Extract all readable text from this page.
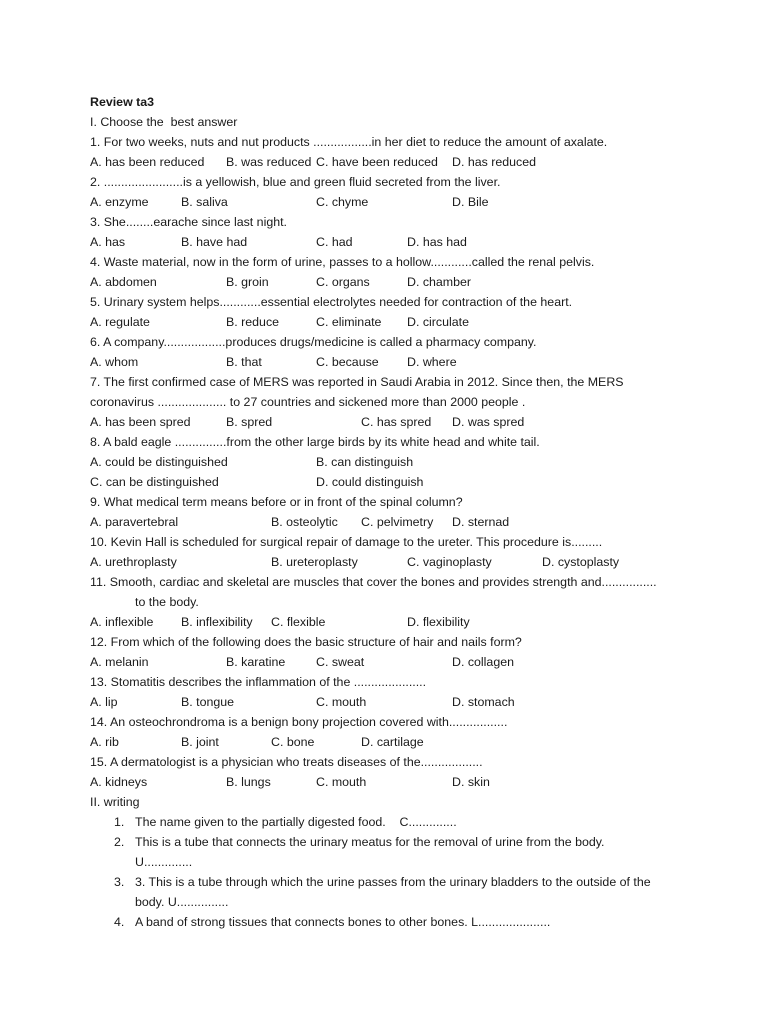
Review ta3
I. Choose the  best answer
1. For two weeks, nuts and nut products .................in her diet to reduce the amount of axalate.

A. has been reduced

B. was reduced

C. have been reduced

D. has reduced

2. .......................is a yellowish, blue and green fluid secreted from the liver.

A. enzyme

	B. saliva

	C. chyme

	D. Bile

3. She........earache since last night.

A. has

	B. have had

	C. had

	D. has had

4. Waste material, now in the form of urine, passes to a hollow............called the renal pelvis.

A. abdomen

	B. groin

	C. organs

	D. chamber

5. Urinary system helps............essential electrolytes needed for contraction of the heart.

A. regulate

	B. reduce

	C. eliminate

D. circulate

6. A company..................produces drugs/medicine is called a pharmacy company.

A. whom

	B. that

	C. because

D. where

7. The first confirmed case of MERS was reported in Saudi Arabia in 2012. Since then, the MERS
coronavirus .................... to 27 countries and sickened more than 2000 people .

A. has been spred

	B. spred

	C. has spred

D. was spred

8. A bald eagle ...............from the other large birds by its white head and white tail.

A. could be distinguished

	B. can distinguish

C. can be distinguished

	D. could distinguish

9. What medical term means before or in front of the spinal column?

A. paravertebral

	B. osteolytic

C. pelvimetry

D. sternad

10. Kevin Hall is scheduled for surgical repair of damage to the ureter. This procedure is.........

A. urethroplasty

	B. ureteroplasty

	C. vaginoplasty

	D. cystoplasty

11. Smooth, cardiac and skeletal are muscles that cover the bones and provides strength and................
to the body.

A. inflexible

B. inflexibility

C. flexible

	D. flexibility

12. From which of the following does the basic structure of hair and nails form?

A. melanin

	B. karatine

C. sweat

	D. collagen

13. Stomatitis describes the inflammation of the .....................

A. lip

	B. tongue

	C. mouth

	D. stomach

14. An osteochrondroma is a benign bony projection covered with.................

A. rib

	B. joint

	C. bone

	D. cartilage

15. A dermatologist is a physician who treats diseases of the..................

A. kidneys

	B. lungs

	C. mouth

	D. skin

II. writing

1.

The name given to the partially digested food.    C..............

2.

This is a tube that connects the urinary meatus for the removal of urine from the body.

U..............

3.

3. This is a tube through which the urine passes from the urinary bladders to the outside of the

body. U...............

4.

A band of strong tissues that connects bones to other bones. L.....................
